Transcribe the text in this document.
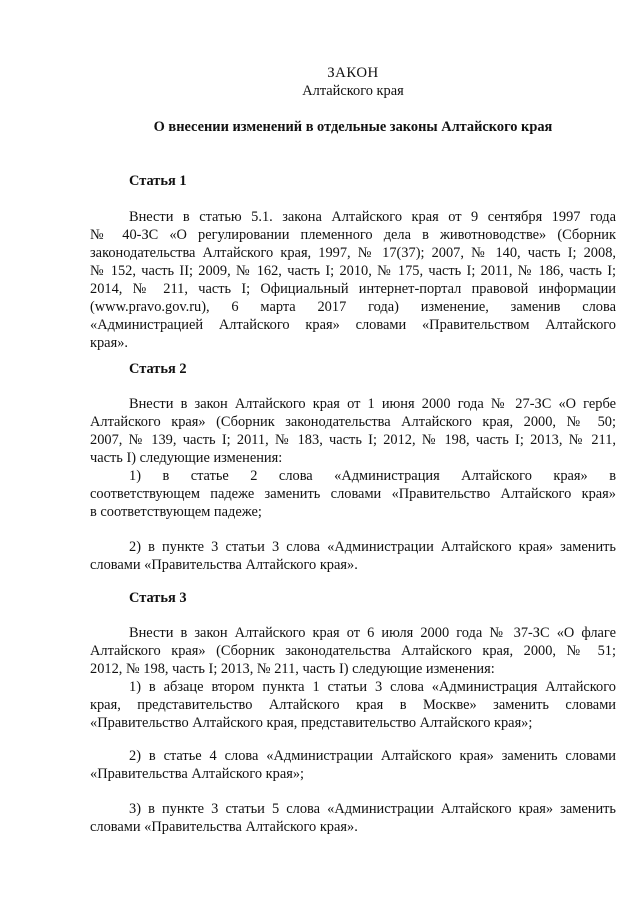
ЗАКОН
Алтайского края
О внесении изменений в отдельные законы Алтайского края
Статья 1
Внести в статью 5.1. закона Алтайского края от 9 сентября 1997 года
№ 40-ЗС «О регулировании племенного дела в животноводстве» (Сборник
законодательства Алтайского края, 1997, № 17(37); 2007, № 140, часть I; 2008,
№ 152, часть II; 2009, № 162, часть I; 2010, № 175, часть I; 2011, № 186, часть I;
2014, № 211, часть I; Официальный интернет-портал правовой информации
(www.pravo.gov.ru), 6 марта 2017 года) изменение, заменив слова
«Администрацией Алтайского края» словами «Правительством Алтайского
края».
Статья 2
Внести в закон Алтайского края от 1 июня 2000 года № 27-ЗС «О гербе
Алтайского края» (Сборник законодательства Алтайского края, 2000, № 50;
2007, № 139, часть I; 2011, № 183, часть I; 2012, № 198, часть I; 2013, № 211,
часть I) следующие изменения:
1) в статье 2 слова «Администрация Алтайского края» в
соответствующем падеже заменить словами «Правительство Алтайского края»
в соответствующем падеже;
2) в пункте 3 статьи 3 слова «Администрации Алтайского края» заменить
словами «Правительства Алтайского края».
Статья 3
Внести в закон Алтайского края от 6 июля 2000 года № 37-ЗС «О флаге
Алтайского края» (Сборник законодательства Алтайского края, 2000, № 51;
2012, № 198, часть I; 2013, № 211, часть I) следующие изменения:
1) в абзаце втором пункта 1 статьи 3 слова «Администрация Алтайского
края, представительство Алтайского края в Москве» заменить словами
«Правительство Алтайского края, представительство Алтайского края»;
2) в статье 4 слова «Администрации Алтайского края» заменить словами
«Правительства Алтайского края»;
3) в пункте 3 статьи 5 слова «Администрации Алтайского края» заменить
словами «Правительства Алтайского края».
